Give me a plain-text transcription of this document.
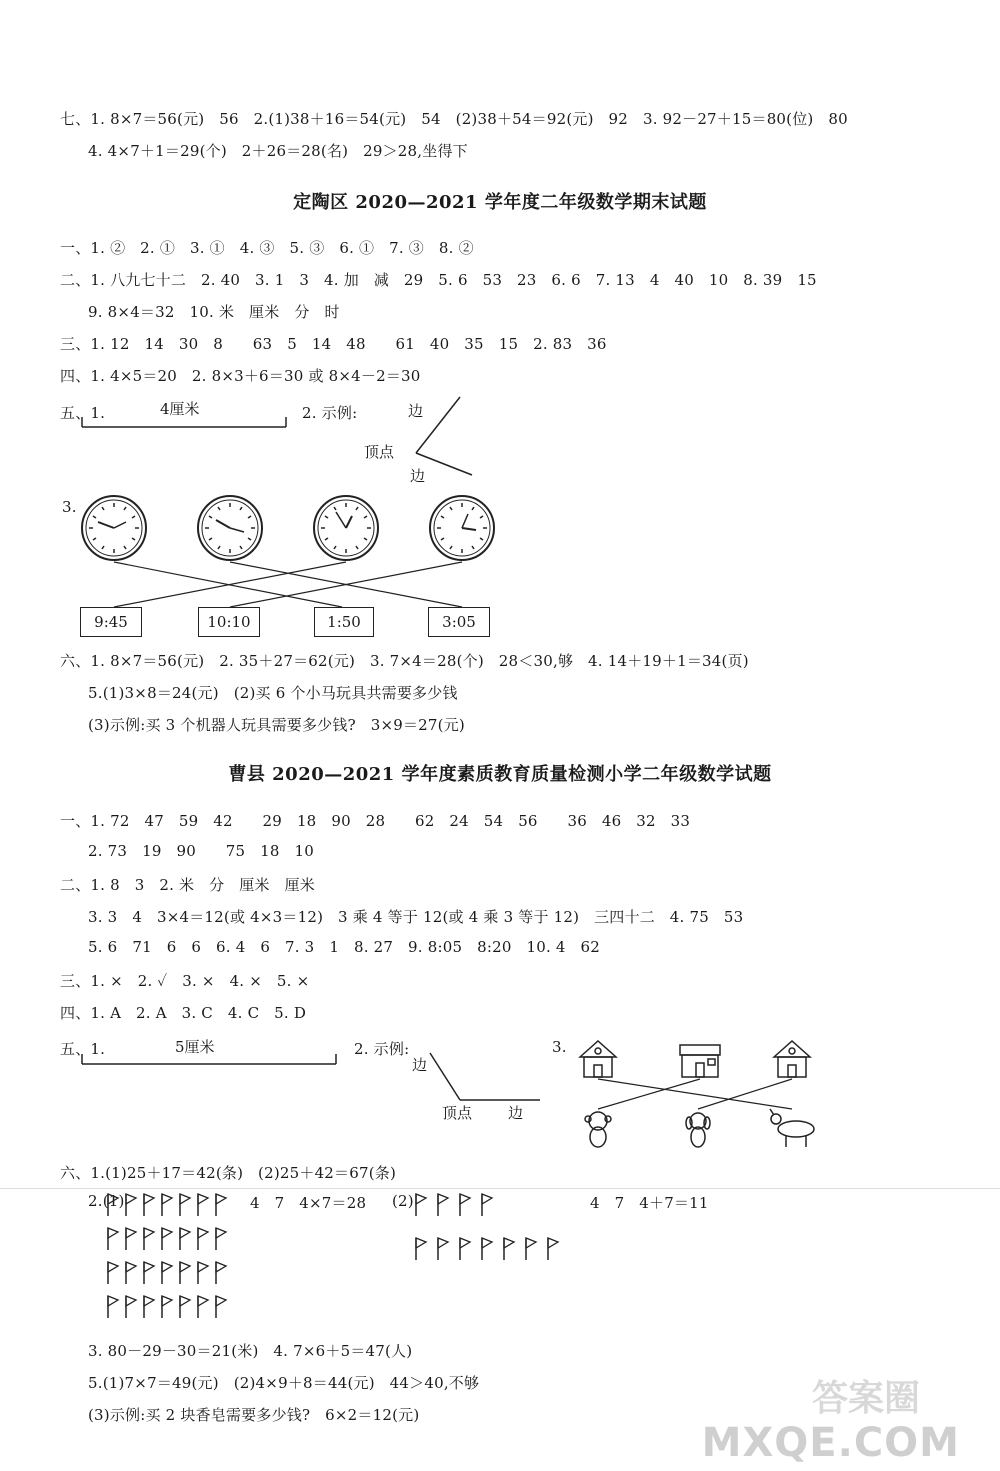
七、1. 8×7＝56(元)   56   2.(1)38＋16＝54(元)   54   (2)38＋54＝92(元)   92   3. 92－27＋15＝80(位)   80
4. 4×7＋1＝29(个)   2＋26＝28(名)   29＞28,坐得下
定陶区 2020—2021 学年度二年级数学期末试题
一、1. ②   2. ①   3. ①   4. ③   5. ③   6. ①   7. ③   8. ②
二、1. 八九七十二   2. 40   3. 1   3   4. 加   减   29   5. 6   53   23   6. 6   7. 13   4   40   10   8. 39   15
9. 8×4＝32   10. 米   厘米   分   时
三、1. 12   14   30   8      63   5   14   48      61   40   35   15   2. 83   36
四、1. 4×5＝20   2. 8×3＋6＝30 或 8×4－2＝30
五、1.	4厘米	2. 示例:	边
顶点
边
3.
9:45	10:10	1:50	3:05
六、1. 8×7＝56(元)   2. 35＋27＝62(元)   3. 7×4＝28(个)   28＜30,够   4. 14＋19＋1＝34(页)
5.(1)3×8＝24(元)   (2)买 6 个小马玩具共需要多少钱
(3)示例:买 3 个机器人玩具需要多少钱?   3×9＝27(元)
曹县 2020—2021 学年度素质教育质量检测小学二年级数学试题
一、1. 72   47   59   42      29   18   90   28      62   24   54   56      36   46   32   33
2. 73   19   90      75   18   10
二、1. 8   3   2. 米   分   厘米   厘米
3. 3   4   3×4＝12(或 4×3＝12)   3 乘 4 等于 12(或 4 乘 3 等于 12)   三四十二   4. 75   53
5. 6   71   6   6   6. 4   6   7. 3   1   8. 27   9. 8:05   8:20   10. 4   62
三、1. ×   2. ✓   3. ×   4. ×   5. ×
四、1. A   2. A   3. C   4. C   5. D
五、1.	5厘米	2. 示例:
边
顶点 边
3.
六、1.(1)25＋17＝42(条)   (2)25＋42＝67(条)
2.(1)	4   7   4×7＝28 (2)	4   7   4＋7＝11
3. 80－29－30＝21(米)   4. 7×6＋5＝47(人)
5.(1)7×7＝49(元)   (2)4×9＋8＝44(元)   44＞40,不够
(3)示例:买 2 块香皂需要多少钱?   6×2＝12(元)	答案圈
MXQE.COM
